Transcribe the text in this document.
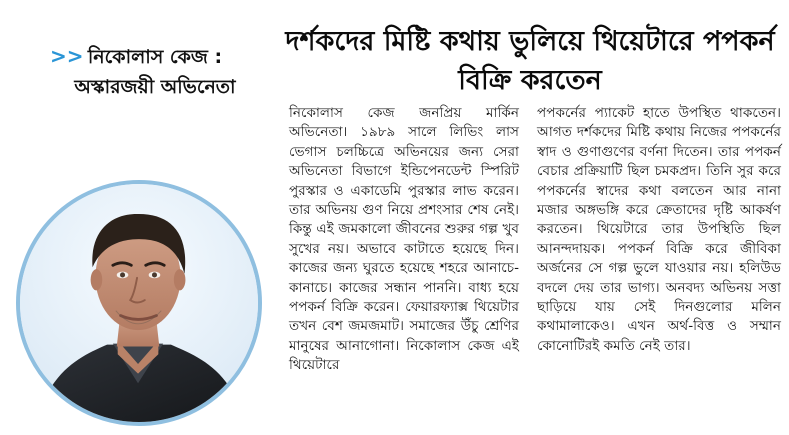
>> নিকোলাস কেজ : অস্কারজয়ী অভিনেতা
দর্শকদের মিষ্টি কথায় ভুলিয়ে থিয়েটারে পপকর্ন বিক্রি করতেন
নিকোলাস কেজ জনপ্রিয় মার্কিন অভিনেতা। ১৯৮৯ সালে লিভিং লাস ভেগাস চলচ্চিত্রে অভিনয়ের জন্য সেরা অভিনেতা বিভাগে ইন্ডিপেনডেন্ট স্পিরিট পুরস্কার ও একাডেমি পুরস্কার লাভ করেন। তার অভিনয় গুণ নিয়ে প্রশংসার শেষ নেই। কিন্তু এই জমকালো জীবনের শুরুর গল্প খুব সুখের নয়। অভাবে কাটাতে হয়েছে দিন। কাজের জন্য ঘুরতে হয়েছে শহরে আনাচে-কানাচে। কাজের সন্ধান পাননি। বাধ্য হয়ে পপকর্ন বিক্রি করেন। ফেয়ারফ্যাক্স থিয়েটার তখন বেশ জমজমাট। সমাজের উঁচু শ্রেণির মানুষের আনাগোনা। নিকোলাস কেজ এই থিয়েটারে
পপকর্নের প্যাকেট হাতে উপস্থিত থাকতেন। আগত দর্শকদের মিষ্টি কথায় নিজের পপকর্নের স্বাদ ও গুণাগুণের বর্ণনা দিতেন। তার পপকর্ন বেচার প্রক্রিয়াটি ছিল চমকপ্রদ। তিনি সুর করে পপকর্নের স্বাদের কথা বলতেন আর নানা মজার অঙ্গভঙ্গি করে ক্রেতাদের দৃষ্টি আকর্ষণ করতেন। থিয়েটারে তার উপস্থিতি ছিল আনন্দদায়ক। পপকর্ন বিক্রি করে জীবিকা অর্জনের সে গল্প ভুলে যাওয়ার নয়। হলিউড বদলে দেয় তার ভাগ্য। অনবদ্য অভিনয় সত্তা ছাড়িয়ে যায় সেই দিনগুলোর মলিন কথামালাকেও। এখন অর্থ-বিত্ত ও সম্মান কোনোটিরই কমতি নেই তার।
